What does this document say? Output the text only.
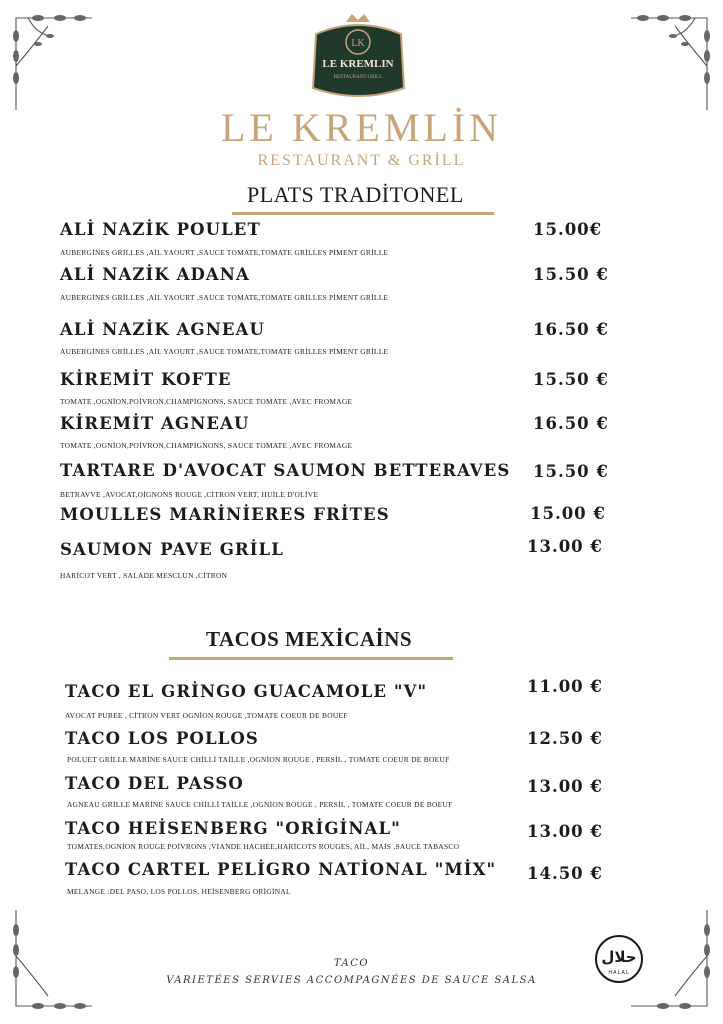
LK
LE KREMLIN
RESTAURANT GRILL
LE KREMLİN
RESTAURANT & GRİLL
PLATS TRADİTONEL
ALİ NAZİK POULET	15.00€
AUBERGİNES GRİLLES ,AİL YAOURT ,SAUCE TOMATE,TOMATE GRİLLES PİMENT GRİLLE
ALİ NAZİK ADANA	15.50 €
AUBERGİNES GRİLLES ,AİL YAOURT ,SAUCE TOMATE,TOMATE GRİLLES PİMENT GRİLLE
ALİ NAZİK AGNEAU	16.50 €
AUBERGİNES GRİLLES ,AİL YAOURT ,SAUCE TOMATE,TOMATE GRİLLES PİMENT GRİLLE
KİREMİT KOFTE	15.50 €
TOMATE ,OGNİON,POİVRON,CHAMPİGNONS, SAUCE TOMATE ,AVEC FROMAGE
KİREMİT AGNEAU	16.50 €
TOMATE ,OGNİON,POİVRON,CHAMPİGNONS, SAUCE TOMATE ,AVEC FROMAGE
TARTARE D'AVOCAT SAUMON BETTERAVES 15.50 €
BETRAVVE ,AVOCAT,OİGNONS ROUGE ,CİTRON VERT, HUİLE D'OLİVE
MOULLES MARİNİERES FRİTES	15.00 €
SAUMON PAVE GRİLL	13.00 €
HARİCOT VERT , SALADE MESCLUN ,CİTRON
TACOS MEXİCAİNS
TACO EL GRİNGO GUACAMOLE "V"	11.00 €
AVOCAT PUREE , CİTRON VERT OGNİON ROUGE ,TOMATE COEUR DE BOUEF
TACO LOS POLLOS	12.50 €
POLUET GRİLLE MARİNE SAUCE CHİLLİ TAİLLE ,OGNİON ROUGE , PERSİL , TOMATE COEUR DE BOEUF
TACO DEL PASSO	13.00 €
AGNEAU GRİLLE MARİNE SAUCE CHİLLİ TAİLLE ,OGNİON ROUGE , PERSİL , TOMATE COEUR DE BOEUF
TACO HEİSENBERG "ORİGİNAL"	13.00 €
TOMATES,OGNİON ROUGE POİVRONS ,VİANDE HACHEE,HARİCOTS ROUGES, AİL, MAİS ,SAUCE TABASCO
TACO CARTEL PELİGRO NATİONAL "MİX" 14.50 €
MELANGE :DEL PASO, LOS POLLOS, HEİSENBERG ORİGİNAL
TACO
VARIETÉES SERVIES ACCOMPAGNÉES DE SAUCE SALSA
حلال
HALAL
